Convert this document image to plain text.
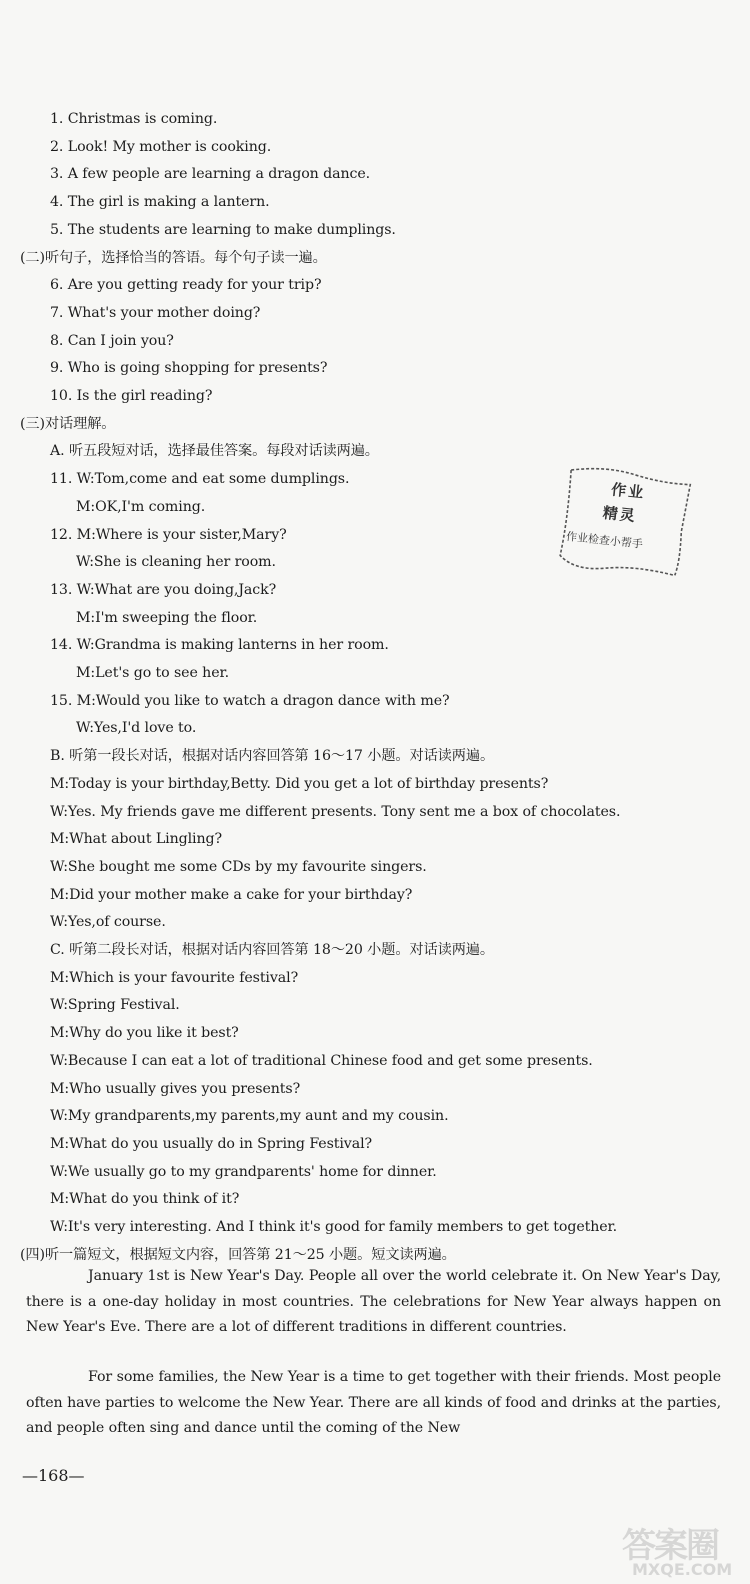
1. Christmas is coming.
2. Look! My mother is cooking.
3. A few people are learning a dragon dance.
4. The girl is making a lantern.
5. The students are learning to make dumplings.
(二)听句子，选择恰当的答语。每个句子读一遍。
6. Are you getting ready for your trip?
7. What's your mother doing?
8. Can I join you?
9. Who is going shopping for presents?
10. Is the girl reading?
(三)对话理解。
A. 听五段短对话，选择最佳答案。每段对话读两遍。
11. W:Tom,come and eat some dumplings.
M:OK,I'm coming.
12. M:Where is your sister,Mary?
W:She is cleaning her room.
13. W:What are you doing,Jack?
M:I'm sweeping the floor.
14. W:Grandma is making lanterns in her room.
M:Let's go to see her.
15. M:Would you like to watch a dragon dance with me?
W:Yes,I'd love to.
B. 听第一段长对话，根据对话内容回答第 16～17 小题。对话读两遍。
M:Today is your birthday,Betty. Did you get a lot of birthday presents?
W:Yes. My friends gave me different presents. Tony sent me a box of chocolates.
M:What about Lingling?
W:She bought me some CDs by my favourite singers.
M:Did your mother make a cake for your birthday?
W:Yes,of course.
C. 听第二段长对话，根据对话内容回答第 18～20 小题。对话读两遍。
M:Which is your favourite festival?
W:Spring Festival.
M:Why do you like it best?
W:Because I can eat a lot of traditional Chinese food and get some presents.
M:Who usually gives you presents?
W:My grandparents,my parents,my aunt and my cousin.
M:What do you usually do in Spring Festival?
W:We usually go to my grandparents' home for dinner.
M:What do you think of it?
W:It's very interesting. And I think it's good for family members to get together.
(四)听一篇短文，根据短文内容，回答第 21～25 小题。短文读两遍。
January 1st is New Year's Day. People all over the world celebrate it. On New Year's Day, there is a one-day holiday in most countries. The celebrations for New Year always happen on New Year's Eve. There are a lot of different traditions in different countries.
For some families, the New Year is a time to get together with their friends. Most people often have parties to welcome the New Year. There are all kinds of food and drinks at the parties, and people often sing and dance until the coming of the New
作业
精灵
作业检查小帮手
—168—
答案圈
MXQE.COM
